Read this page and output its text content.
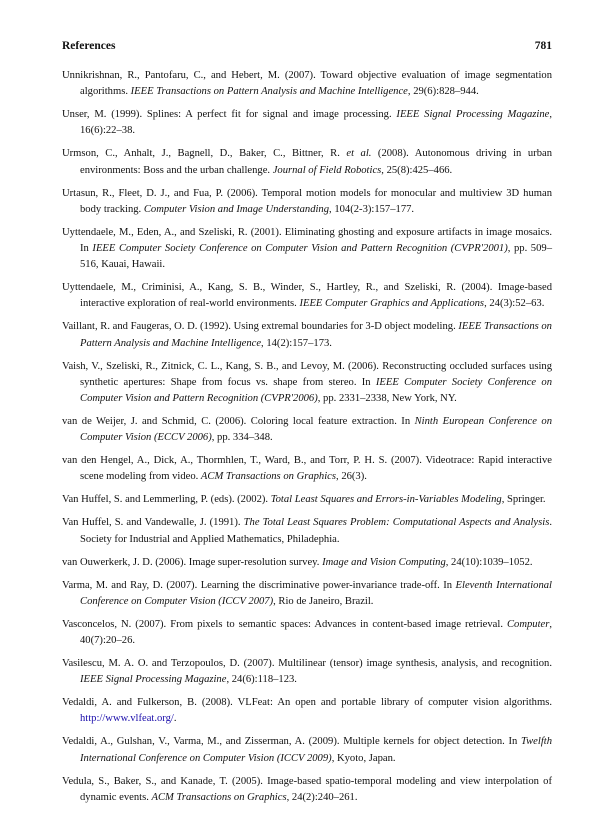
References	781

Unnikrishnan, R., Pantofaru, C., and Hebert, M. (2007). Toward objective evaluation of image segmentation algorithms. IEEE Transactions on Pattern Analysis and Machine Intelligence, 29(6):828–944.

Unser, M. (1999). Splines: A perfect fit for signal and image processing. IEEE Signal Processing Magazine, 16(6):22–38.

Urmson, C., Anhalt, J., Bagnell, D., Baker, C., Bittner, R. et al. (2008). Autonomous driving in urban environments: Boss and the urban challenge. Journal of Field Robotics, 25(8):425–466.

Urtasun, R., Fleet, D. J., and Fua, P. (2006). Temporal motion models for monocular and multiview 3D human body tracking. Computer Vision and Image Understanding, 104(2-3):157–177.

Uyttendaele, M., Eden, A., and Szeliski, R. (2001). Eliminating ghosting and exposure artifacts in image mosaics. In IEEE Computer Society Conference on Computer Vision and Pattern Recognition (CVPR'2001), pp. 509–516, Kauai, Hawaii.

Uyttendaele, M., Criminisi, A., Kang, S. B., Winder, S., Hartley, R., and Szeliski, R. (2004). Image-based interactive exploration of real-world environments. IEEE Computer Graphics and Applications, 24(3):52–63.

Vaillant, R. and Faugeras, O. D. (1992). Using extremal boundaries for 3-D object modeling. IEEE Transactions on Pattern Analysis and Machine Intelligence, 14(2):157–173.

Vaish, V., Szeliski, R., Zitnick, C. L., Kang, S. B., and Levoy, M. (2006). Reconstructing occluded surfaces using synthetic apertures: Shape from focus vs. shape from stereo. In IEEE Computer Society Conference on Computer Vision and Pattern Recognition (CVPR'2006), pp. 2331–2338, New York, NY.

van de Weijer, J. and Schmid, C. (2006). Coloring local feature extraction. In Ninth European Conference on Computer Vision (ECCV 2006), pp. 334–348.

van den Hengel, A., Dick, A., Thormhlen, T., Ward, B., and Torr, P. H. S. (2007). Videotrace: Rapid interactive scene modeling from video. ACM Transactions on Graphics, 26(3).

Van Huffel, S. and Lemmerling, P. (eds). (2002). Total Least Squares and Errors-in-Variables Modeling, Springer.

Van Huffel, S. and Vandewalle, J. (1991). The Total Least Squares Problem: Computational Aspects and Analysis. Society for Industrial and Applied Mathematics, Philadephia.

van Ouwerkerk, J. D. (2006). Image super-resolution survey. Image and Vision Computing, 24(10):1039–1052.

Varma, M. and Ray, D. (2007). Learning the discriminative power-invariance trade-off. In Eleventh International Conference on Computer Vision (ICCV 2007), Rio de Janeiro, Brazil.

Vasconcelos, N. (2007). From pixels to semantic spaces: Advances in content-based image retrieval. Computer, 40(7):20–26.

Vasilescu, M. A. O. and Terzopoulos, D. (2007). Multilinear (tensor) image synthesis, analysis, and recognition. IEEE Signal Processing Magazine, 24(6):118–123.

Vedaldi, A. and Fulkerson, B. (2008). VLFeat: An open and portable library of computer vision algorithms. http://www.vlfeat.org/.

Vedaldi, A., Gulshan, V., Varma, M., and Zisserman, A. (2009). Multiple kernels for object detection. In Twelfth International Conference on Computer Vision (ICCV 2009), Kyoto, Japan.

Vedula, S., Baker, S., and Kanade, T. (2005). Image-based spatio-temporal modeling and view interpolation of dynamic events. ACM Transactions on Graphics, 24(2):240–261.
